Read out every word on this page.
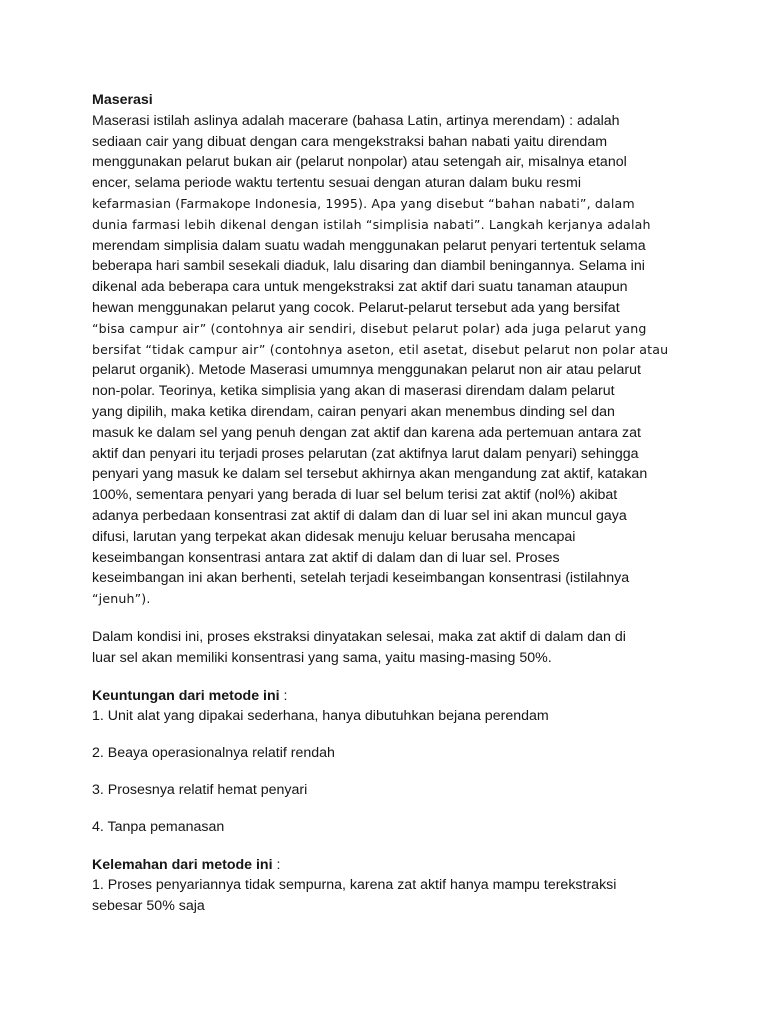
Maserasi
Maserasi istilah aslinya adalah macerare (bahasa Latin, artinya merendam) : adalah
sediaan cair yang dibuat dengan cara mengekstraksi bahan nabati yaitu direndam
menggunakan pelarut bukan air (pelarut nonpolar) atau setengah air, misalnya etanol
encer, selama periode waktu tertentu sesuai dengan aturan dalam buku resmi
kefarmasian (Farmakope Indonesia, 1995). Apa yang disebut “bahan nabati”, dalam
dunia farmasi lebih dikenal dengan istilah “simplisia nabati”. Langkah kerjanya adalah
merendam simplisia dalam suatu wadah menggunakan pelarut penyari tertentuk selama
beberapa hari sambil sesekali diaduk, lalu disaring dan diambil beningannya. Selama ini
dikenal ada beberapa cara untuk mengekstraksi zat aktif dari suatu tanaman ataupun
hewan menggunakan pelarut yang cocok. Pelarut-pelarut tersebut ada yang bersifat
“bisa campur air” (contohnya air sendiri, disebut pelarut polar) ada juga pelarut yang
bersifat “tidak campur air” (contohnya aseton, etil asetat, disebut pelarut non polar atau
pelarut organik). Metode Maserasi umumnya menggunakan pelarut non air atau pelarut
non-polar. Teorinya, ketika simplisia yang akan di maserasi direndam dalam pelarut
yang dipilih, maka ketika direndam, cairan penyari akan menembus dinding sel dan
masuk ke dalam sel yang penuh dengan zat aktif dan karena ada pertemuan antara zat
aktif dan penyari itu terjadi proses pelarutan (zat aktifnya larut dalam penyari) sehingga
penyari yang masuk ke dalam sel tersebut akhirnya akan mengandung zat aktif, katakan
100%, sementara penyari yang berada di luar sel belum terisi zat aktif (nol%) akibat
adanya perbedaan konsentrasi zat aktif di dalam dan di luar sel ini akan muncul gaya
difusi, larutan yang terpekat akan didesak menuju keluar berusaha mencapai
keseimbangan konsentrasi antara zat aktif di dalam dan di luar sel. Proses
keseimbangan ini akan berhenti, setelah terjadi keseimbangan konsentrasi (istilahnya
“jenuh”).
Dalam kondisi ini, proses ekstraksi dinyatakan selesai, maka zat aktif di dalam dan di
luar sel akan memiliki konsentrasi yang sama, yaitu masing-masing 50%.
Keuntungan dari metode ini :
1. Unit alat yang dipakai sederhana, hanya dibutuhkan bejana perendam
2. Beaya operasionalnya relatif rendah
3. Prosesnya relatif hemat penyari
4. Tanpa pemanasan
Kelemahan dari metode ini :
1. Proses penyariannya tidak sempurna, karena zat aktif hanya mampu terekstraksi
sebesar 50% saja
